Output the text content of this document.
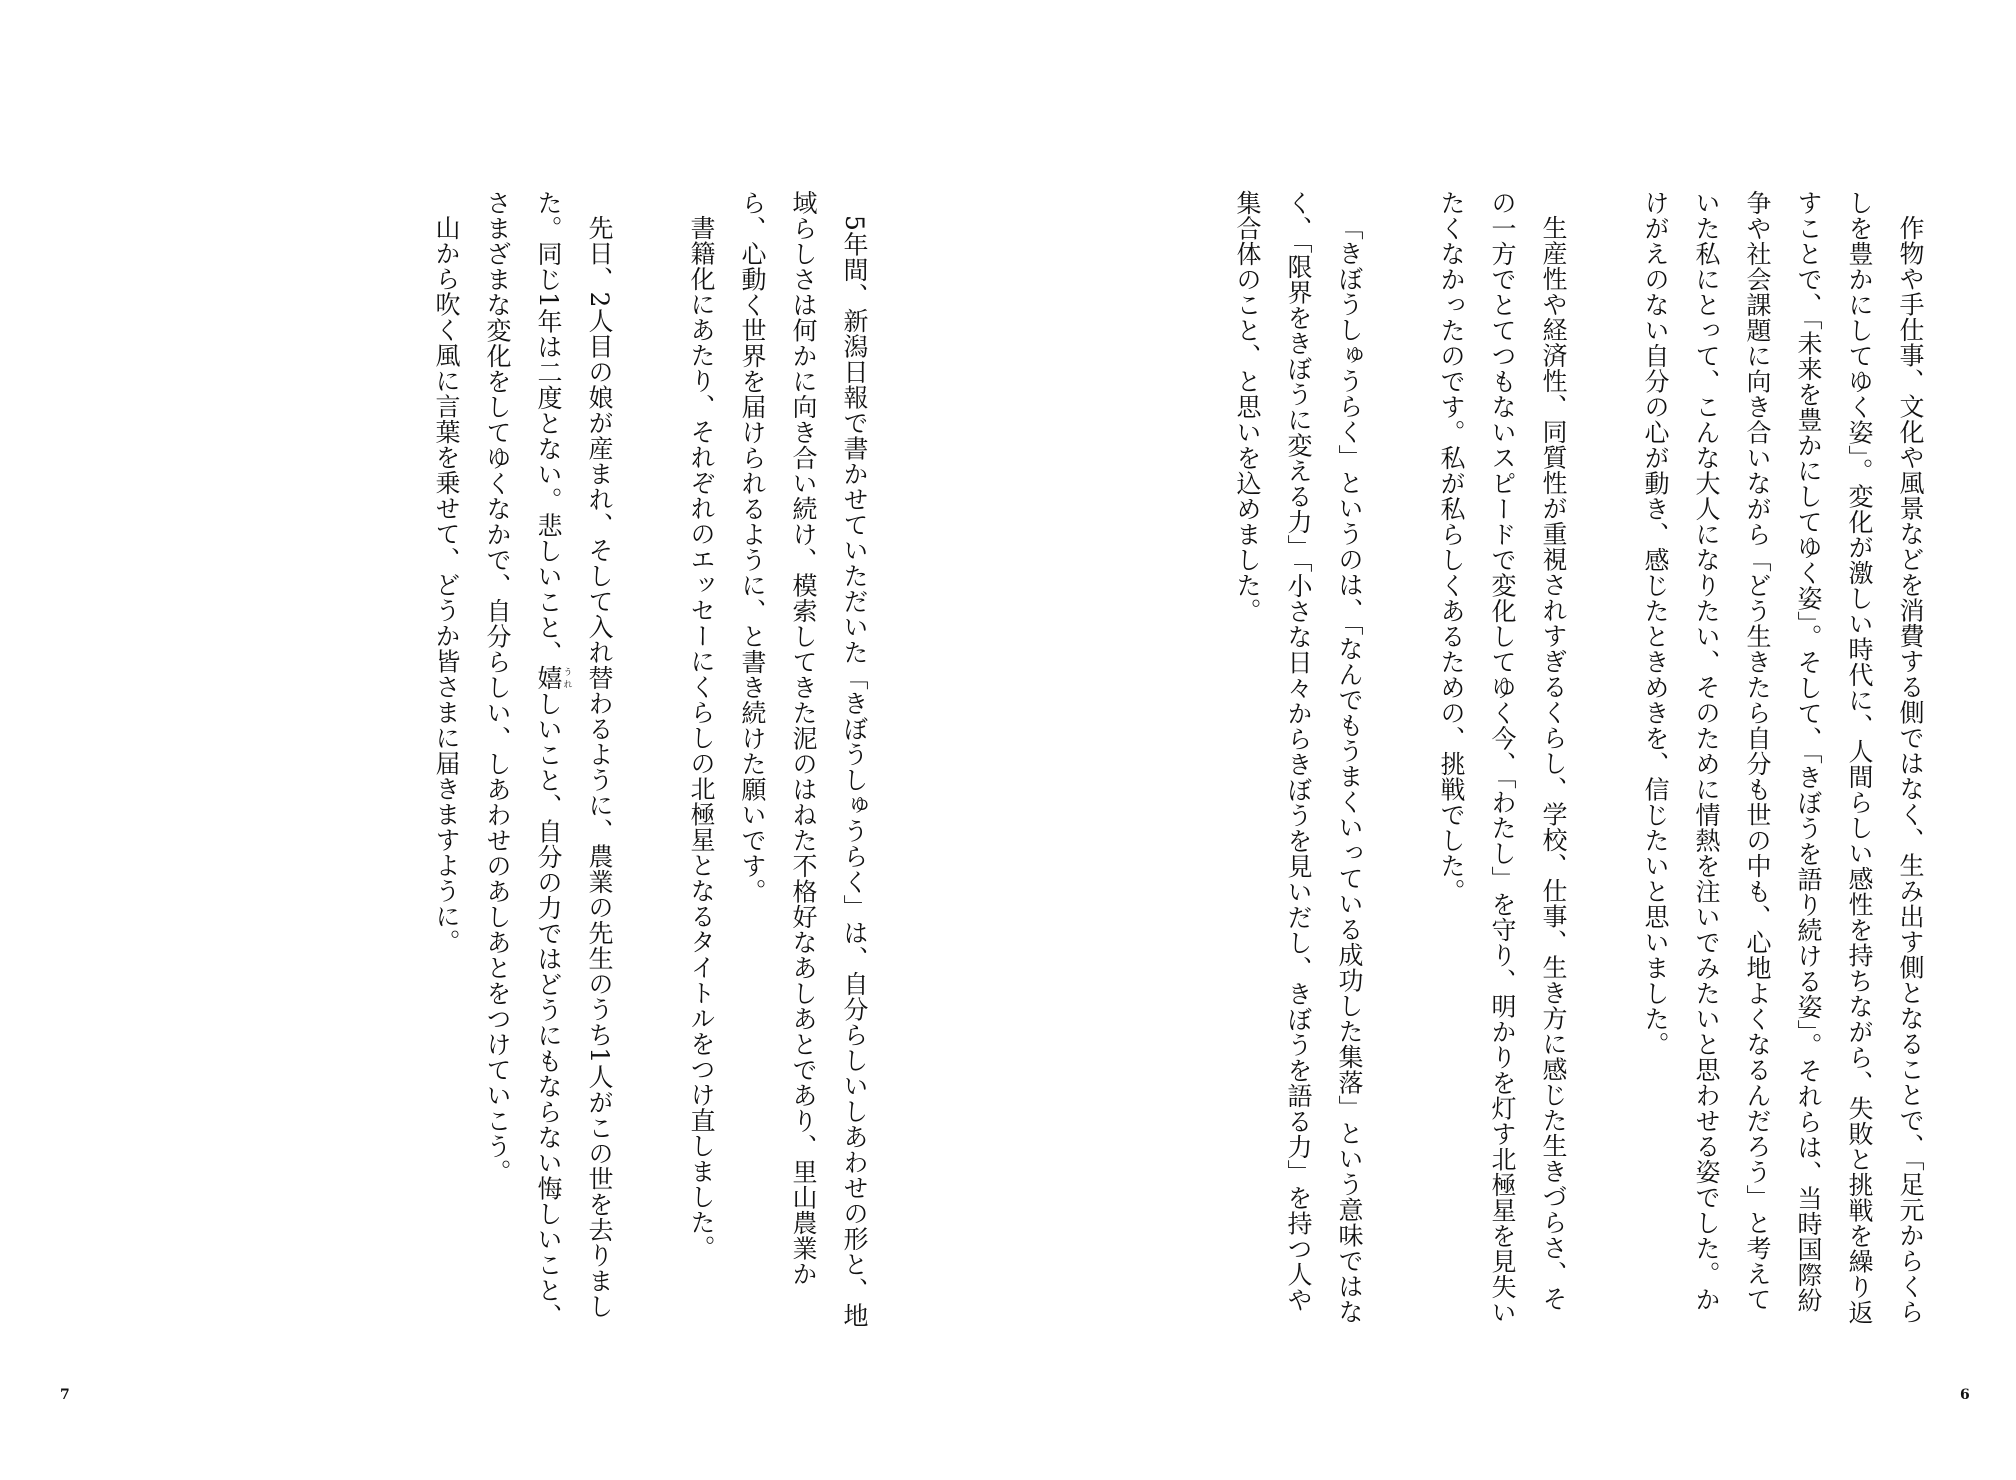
5年間、新潟日報で書かせていただいた「きぼうしゅうらく」は、自分らしいしあわせの形と、地域らしさは何かに向き合い続け、模索してきた泥のはねた不格好なあしあとであり、里山農業から、心動く世界を届けられるように、と書き続けた願いです。

書籍化にあたり、それぞれのエッセーにくらしの北極星となるタイトルをつけ直しました。

先日、2人目の娘が産まれ、そして入れ替わるように、農業の先生のうち1人がこの世を去りました。同じ1年は二度とない。悲しいこと、嬉うれしいこと、自分の力ではどうにもならない悔しいこと、さまざまな変化をしてゆくなかで、自分らしい、しあわせのあしあとをつけていこう。

山から吹く風に言葉を乗せて、どうか皆さまに届きますように。

7

作物や手仕事、文化や風景などを消費する側ではなく、生み出す側となることで、「足元からくらしを豊かにしてゆく姿」。変化が激しい時代に、人間らしい感性を持ちながら、失敗と挑戦を繰り返すことで、「未来を豊かにしてゆく姿」。そして、「きぼうを語り続ける姿」。それらは、当時国際紛争や社会課題に向き合いながら「どう生きたら自分も世の中も、心地よくなるんだろう」と考えていた私にとって、こんな大人になりたい、そのために情熱を注いでみたいと思わせる姿でした。かけがえのない自分の心が動き、感じたときめきを、信じたいと思いました。

生産性や経済性、同質性が重視されすぎるくらし、学校、仕事、生き方に感じた生きづらさ、その一方でとてつもないスピードで変化してゆく今、「わたし」を守り、明かりを灯す北極星を見失いたくなかったのです。私が私らしくあるための、挑戦でした。

「きぼうしゅうらく」というのは、「なんでもうまくいっている成功した集落」という意味ではなく、「限界をきぼうに変える力」「小さな日々からきぼうを見いだし、きぼうを語る力」を持つ人や集合体のこと、と思いを込めました。

6
